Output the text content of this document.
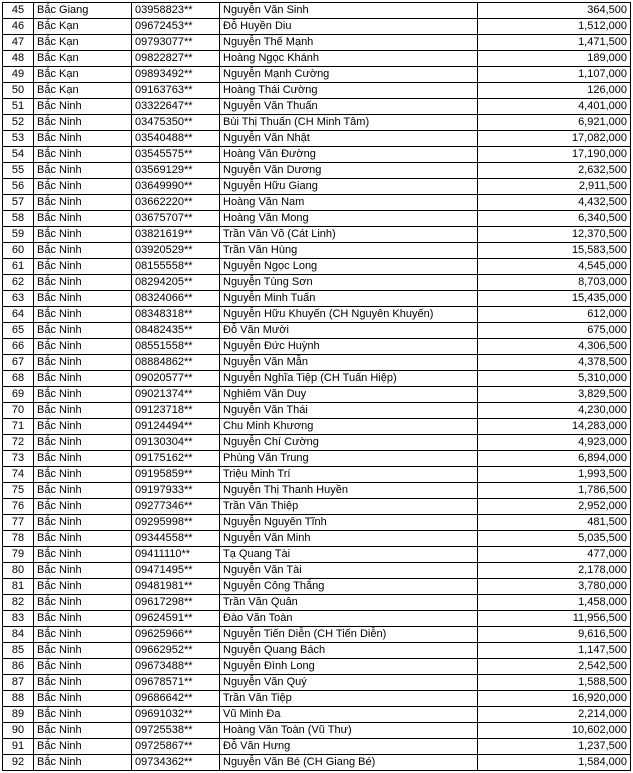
45	Bắc Giang	03958823**	Nguyễn Văn Sinh	364,500
46	Bắc Kạn	09672453**	Đỗ Huyền Diu	1,512,000
47	Bắc Kạn	09793077**	Nguyễn Thế Mạnh	1,471,500
48	Bắc Kạn	09822827**	Hoàng Ngọc Khánh	189,000
49	Bắc Kạn	09893492**	Nguyễn Mạnh Cường	1,107,000
50	Bắc Kạn	09163763**	Hoàng Thái Cường	126,000
51	Bắc Ninh	03322647**	Nguyễn Văn Thuấn	4,401,000
52	Bắc Ninh	03475350**	Bùi Thị Thuấn (CH Minh Tâm)	6,921,000
53	Bắc Ninh	03540488**	Nguyễn Văn Nhật	17,082,000
54	Bắc Ninh	03545575**	Hoàng Văn Đường	17,190,000
55	Bắc Ninh	03569129**	Nguyễn Văn Dương	2,632,500
56	Bắc Ninh	03649990**	Nguyễn Hữu Giang	2,911,500
57	Bắc Ninh	03662220**	Hoàng Văn Nam	4,432,500
58	Bắc Ninh	03675707**	Hoàng Văn Mong	6,340,500
59	Bắc Ninh	03821619**	Trần Văn Võ (Cát Linh)	12,370,500
60	Bắc Ninh	03920529**	Trần Văn Hùng	15,583,500
61	Bắc Ninh	08155558**	Nguyễn Ngọc Long	4,545,000
62	Bắc Ninh	08294205**	Nguyễn Tùng Sơn	8,703,000
63	Bắc Ninh	08324066**	Nguyễn Minh Tuấn	15,435,000
64	Bắc Ninh	08348318**	Nguyễn Hữu Khuyến (CH Nguyên Khuyến)	612,000
65	Bắc Ninh	08482435**	Đỗ Văn Mười	675,000
66	Bắc Ninh	08551558**	Nguyễn Đức Huỳnh	4,306,500
67	Bắc Ninh	08884862**	Nguyễn Văn Mẫn	4,378,500
68	Bắc Ninh	09020577**	Nguyễn Nghĩa Tiệp (CH Tuấn Hiệp)	5,310,000
69	Bắc Ninh	09021374**	Nghiêm Văn Duy	3,829,500
70	Bắc Ninh	09123718**	Nguyễn Văn Thái	4,230,000
71	Bắc Ninh	09124494**	Chu Minh Khương	14,283,000
72	Bắc Ninh	09130304**	Nguyễn Chí Cường	4,923,000
73	Bắc Ninh	09175162**	Phùng Văn Trung	6,894,000
74	Bắc Ninh	09195859**	Triệu Minh Trí	1,993,500
75	Bắc Ninh	09197933**	Nguyễn Thị Thanh Huyền	1,786,500
76	Bắc Ninh	09277346**	Trần Văn Thiệp	2,952,000
77	Bắc Ninh	09295998**	Nguyễn Nguyên Tĩnh	481,500
78	Bắc Ninh	09344558**	Nguyễn Văn Minh	5,035,500
79	Bắc Ninh	09411110**	Tạ Quang Tài	477,000
80	Bắc Ninh	09471495**	Nguyễn Văn Tài	2,178,000
81	Bắc Ninh	09481981**	Nguyễn Công Thắng	3,780,000
82	Bắc Ninh	09617298**	Trần Văn Quân	1,458,000
83	Bắc Ninh	09624591**	Đào Văn Toàn	11,956,500
84	Bắc Ninh	09625966**	Nguyễn Tiến Diễn (CH Tiến Diễn)	9,616,500
85	Bắc Ninh	09662952**	Nguyễn Quang Bách	1,147,500
86	Bắc Ninh	09673488**	Nguyễn Đình Long	2,542,500
87	Bắc Ninh	09678571**	Nguyễn Văn Quý	1,588,500
88	Bắc Ninh	09686642**	Trần Văn Tiệp	16,920,000
89	Bắc Ninh	09691032**	Vũ Minh Đa	2,214,000
90	Bắc Ninh	09725538**	Hoàng Văn Toàn (Vũ Thư)	10,602,000
91	Bắc Ninh	09725867**	Đỗ Văn Hưng	1,237,500
92	Bắc Ninh	09734362**	Nguyễn Văn Bé (CH Giang Bé)	1,584,000
